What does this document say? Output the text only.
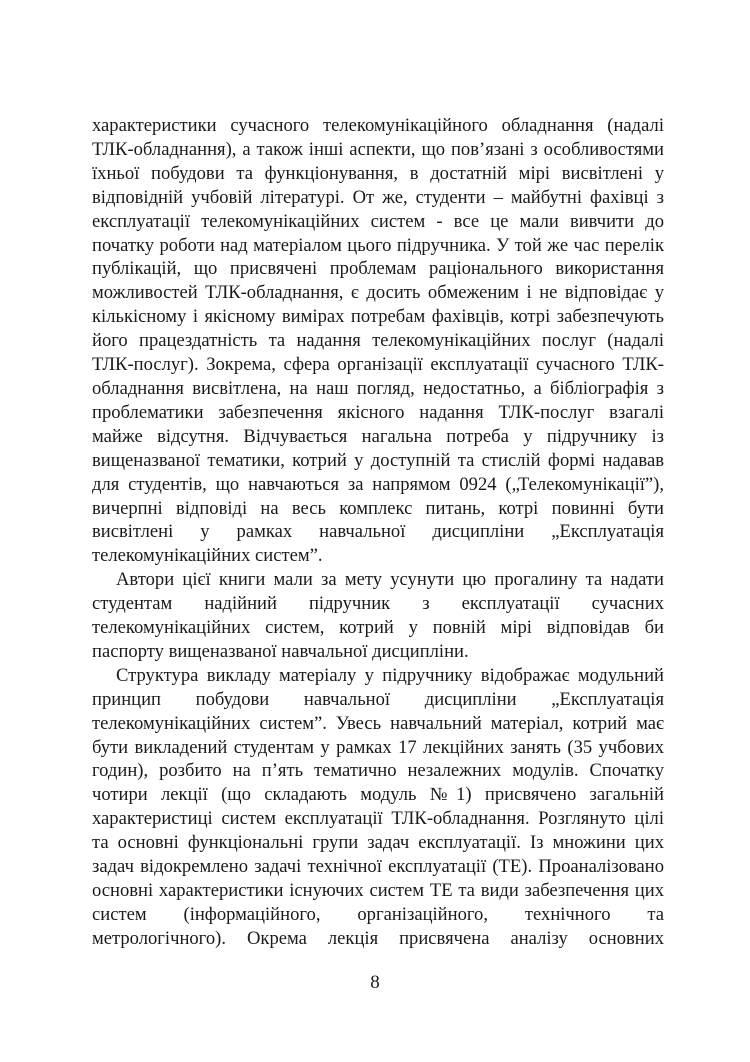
характеристики сучасного телекомунікаційного обладнання (надалі ТЛК-обладнання), а також інші аспекти, що пов’язані з особливостями їхньої побудови та функціонування, в достатній мірі висвітлені у відповідній учбовій літературі. От же, студенти – майбутні фахівці з експлуатації телекомунікаційних систем - все це мали вивчити до початку роботи над матеріалом цього підручника. У той же час перелік публікацій, що присвячені проблемам раціонального використання можливостей ТЛК-обладнання, є досить обмеженим і не відповідає у кількісному і якісному вимірах потребам фахівців, котрі забезпечують його працездатність та надання телекомунікаційних послуг (надалі ТЛК-послуг). Зокрема, сфера організації експлуатації сучасного ТЛК-обладнання висвітлена, на наш погляд, недостатньо, а бібліографія з проблематики забезпечення якісного надання ТЛК-послуг взагалі майже відсутня. Відчувається нагальна потреба у підручнику із вищеназваної тематики, котрий у доступній та стислій формі надавав для студентів, що навчаються за напрямом 0924 („Телекомунікації”), вичерпні відповіді на весь комплекс питань, котрі повинні бути висвітлені у рамках навчальної дисципліни „Експлуатація телекомунікаційних систем”.

Автори цієї книги мали за мету усунути цю прогалину та надати студентам надійний підручник з експлуатації сучасних телекомунікаційних систем, котрий у повній мірі відповідав би паспорту вищеназваної навчальної дисципліни.

Структура викладу матеріалу у підручнику відображає модульний принцип побудови навчальної дисципліни „Експлуатація телекомунікаційних систем”. Увесь навчальний матеріал, котрий має бути викладений студентам у рамках 17 лекційних занять (35 учбових годин), розбито на п’ять тематично незалежних модулів. Спочатку чотири лекції (що складають модуль №1) присвячено загальній характеристиці систем експлуатації ТЛК-обладнання. Розглянуто цілі та основні функціональні групи задач експлуатації. Із множини цих задач відокремлено задачі технічної експлуатації (ТЕ). Проаналізовано основні характеристики існуючих систем ТЕ та види забезпечення цих систем (інформаційного, організаційного, технічного та метрологічного). Окрема лекція присвячена аналізу основних

8
